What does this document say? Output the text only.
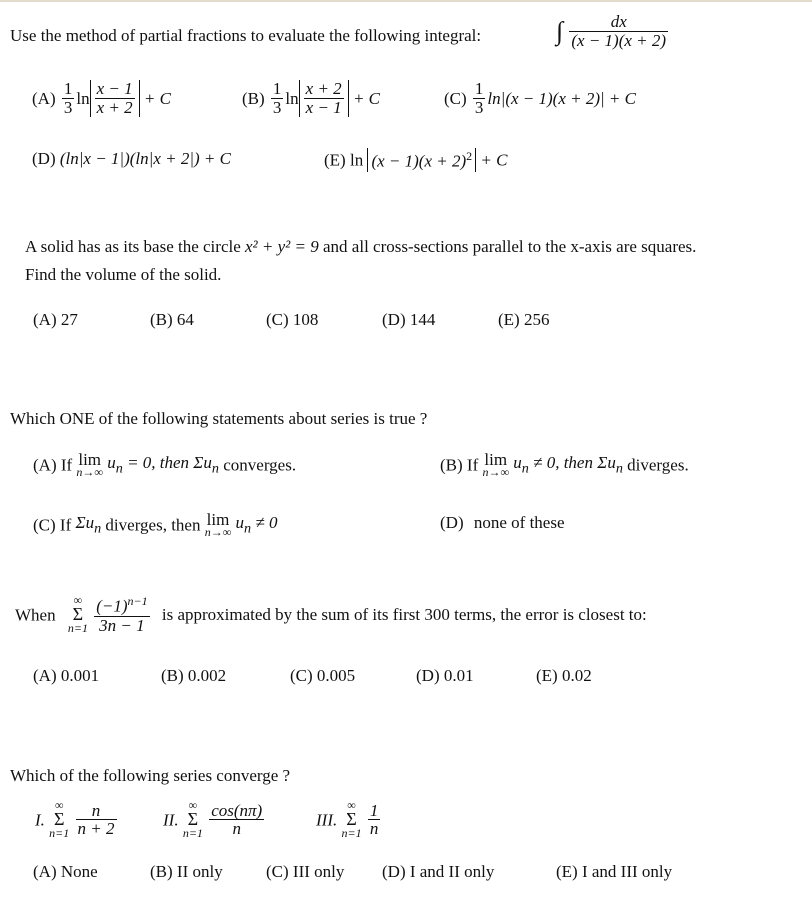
Use the method of partial fractions to evaluate the following integral:	∫ $\frac{dx}{(x - 1)(x + 2)}$
$(A) \frac{1}{3}$ $\ln \frac{x - 1}{x + 2} + C$	$(B) \frac{1}{3}$ $\ln \frac{x + 2}{x - 1} + C$	$(C) \frac{1}{3} \ln|(x - 1)(x + 2)| + C$
(D) (ln|x − 1|)(ln|x + 2|) + C	(E) $\ln (x - 1)(x + 2)^2 + C$
A solid has as its base the circle x² + y² = 9 and all cross-sections parallel to the x-axis are squares.
Find the volume of the solid.
(A) 27	(B) 64	(C) 108	(D) 144	(E) 256
Which ONE of the following statements about series is true ?
(A) If lim
n→∞
$u_n = 0$, then $\Sigma u_n$ converges.	(B) If lim
n→∞
$u_n \ne 0$, then $\Sigma u_n$ diverges.
(C) If $\Sigma u_n$ diverges, then lim
n→∞
$u_n \ne 0$	(D) none of these
When
∞
Σ
n=1
$\frac{(-1)^{n-1}}{3n - 1}$ is approximated by the sum of its first 300 terms, the error is closest to:
(A) 0.001	(B) 0.002	(C) 0.005	(D) 0.01	(E) 0.02
Which of the following series converge ?
I.
∞
Σ
n=1
$\frac{n}{n + 2}$	II.
∞
Σ
n=1
$\frac{\cos(n\pi)}{n}$	III.
∞
Σ
n=1
$\frac{1}{n}$
(A) None	(B) II only	(C) III only (D) I and II only	(E) I and III only
